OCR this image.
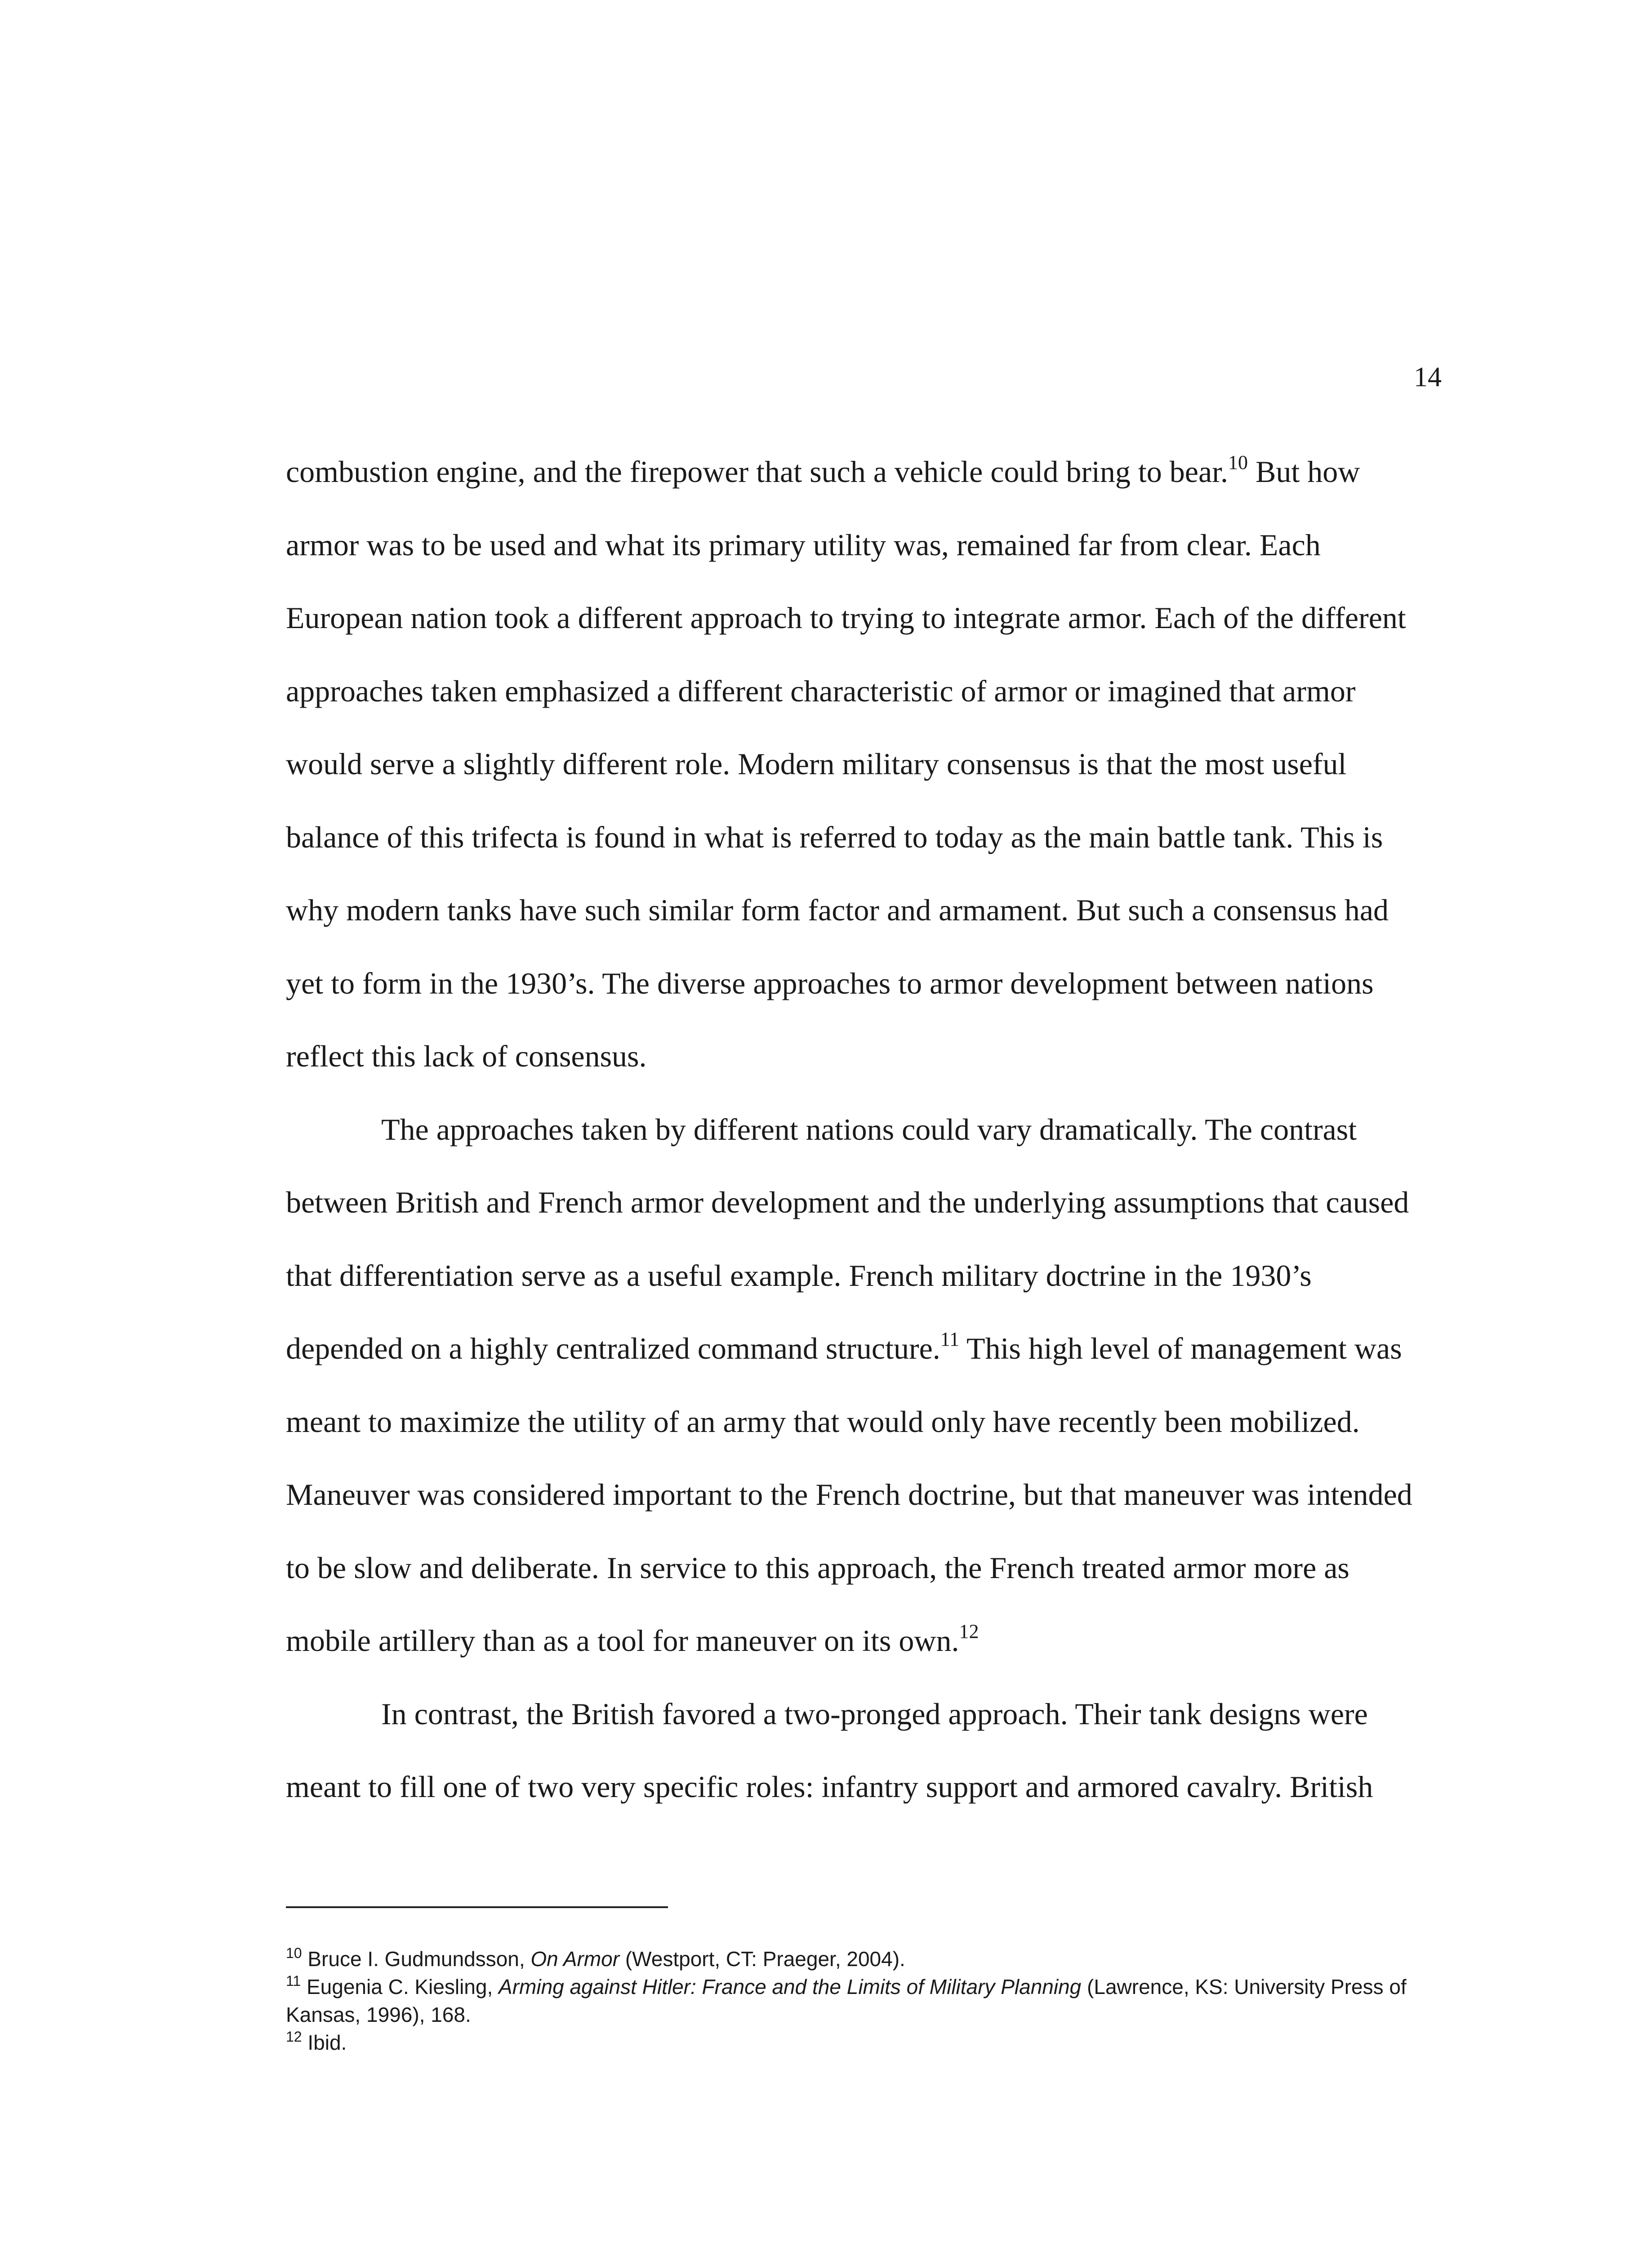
14

combustion engine, and the firepower that such a vehicle could bring to bear.$^{10}$ But how armor was to be used and what its primary utility was, remained far from clear. Each European nation took a different approach to trying to integrate armor. Each of the different approaches taken emphasized a different characteristic of armor or imagined that armor would serve a slightly different role. Modern military consensus is that the most useful balance of this trifecta is found in what is referred to today as the main battle tank. This is why modern tanks have such similar form factor and armament. But such a consensus had yet to form in the 1930’s. The diverse approaches to armor development between nations reflect this lack of consensus.

The approaches taken by different nations could vary dramatically. The contrast between British and French armor development and the underlying assumptions that caused that differentiation serve as a useful example. French military doctrine in the 1930’s depended on a highly centralized command structure.$^{11}$ This high level of management was meant to maximize the utility of an army that would only have recently been mobilized. Maneuver was considered important to the French doctrine, but that maneuver was intended to be slow and deliberate. In service to this approach, the French treated armor more as mobile artillery than as a tool for maneuver on its own.$^{12}$

In contrast, the British favored a two-pronged approach. Their tank designs were meant to fill one of two very specific roles: infantry support and armored cavalry. British

$^{10}$ Bruce I. Gudmundsson, On Armor (Westport, CT: Praeger, 2004).

$^{11}$ Eugenia C. Kiesling, Arming against Hitler: France and the Limits of Military Planning (Lawrence, KS: University Press of Kansas, 1996), 168.

$^{12}$ Ibid.
